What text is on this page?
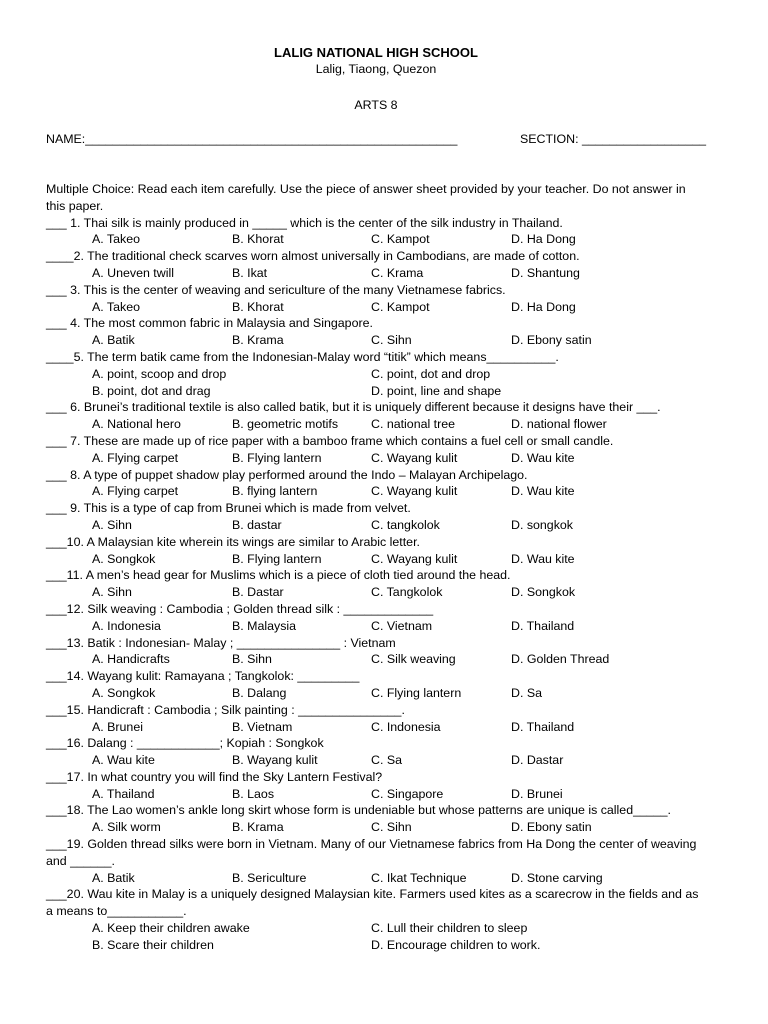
LALIG NATIONAL HIGH SCHOOL
Lalig, Tiaong, Quezon
ARTS 8
NAME:______________________________________________________	SECTION: __________________
Multiple Choice: Read each item carefully. Use the piece of answer sheet provided by your teacher. Do not answer in this paper.
___ 1. Thai silk is mainly produced in _____ which is the center of the silk industry in Thailand.
A. Takeo	B. Khorat	C. Kampot	D. Ha Dong
____2. The traditional check scarves worn almost universally in Cambodians, are made of cotton.
A. Uneven twill	B. Ikat	C. Krama	D. Shantung
___ 3. This is the center of weaving and sericulture of the many Vietnamese fabrics.
A. Takeo	B. Khorat	C. Kampot	D. Ha Dong
___ 4. The most common fabric in Malaysia and Singapore.
A. Batik	B. Krama	C. Sihn	D. Ebony satin
____5. The term batik came from the Indonesian-Malay word “titik” which means__________.
A. point, scoop and drop	C. point, dot and drop
B. point, dot and drag	D. point, line and shape
___ 6. Brunei’s traditional textile is also called batik, but it is uniquely different because it designs have their ___.
A. National hero	B. geometric motifs	C. national tree	D. national flower
___ 7. These are made up of rice paper with a bamboo frame which contains a fuel cell or small candle.
A. Flying carpet	B. Flying lantern	C. Wayang kulit	D. Wau kite
___ 8. A type of puppet shadow play performed around the Indo – Malayan Archipelago.
A. Flying carpet	B. flying lantern	C. Wayang kulit	D. Wau kite
___ 9. This is a type of cap from Brunei which is made from velvet.
A. Sihn	B. dastar	C. tangkolok	D. songkok
___10. A Malaysian kite wherein its wings are similar to Arabic letter.
A. Songkok	B. Flying lantern	C. Wayang kulit	D. Wau kite
___11. A men’s head gear for Muslims which is a piece of cloth tied around the head.
A. Sihn	B. Dastar	C. Tangkolok	D. Songkok
___12. Silk weaving : Cambodia ; Golden thread silk : _____________
A. Indonesia	B. Malaysia	C. Vietnam	D. Thailand
___13. Batik : Indonesian- Malay ; _______________ : Vietnam
A. Handicrafts	B. Sihn	C. Silk weaving	D. Golden Thread
___14. Wayang kulit: Ramayana ; Tangkolok: _________
A. Songkok	B. Dalang	C. Flying lantern	D. Sa
___15. Handicraft : Cambodia ; Silk painting : _______________.
A. Brunei	B. Vietnam	C. Indonesia	D. Thailand
___16. Dalang : ____________; Kopiah : Songkok
A. Wau kite	B. Wayang kulit	C. Sa	D. Dastar
___17. In what country you will find the Sky Lantern Festival?
A. Thailand	B. Laos	C. Singapore	D. Brunei
___18. The Lao women’s ankle long skirt whose form is undeniable but whose patterns are unique is called_____.
A. Silk worm	B. Krama	C. Sihn	D. Ebony satin
___19. Golden thread silks were born in Vietnam. Many of our Vietnamese fabrics from Ha Dong the center of weaving and ______.
A. Batik	B. Sericulture	C. Ikat Technique	D. Stone carving
___20. Wau kite in Malay is a uniquely designed Malaysian kite. Farmers used kites as a scarecrow in the fields and as a means to___________.
A. Keep their children awake	C. Lull their children to sleep
B. Scare their children	D. Encourage children to work.
